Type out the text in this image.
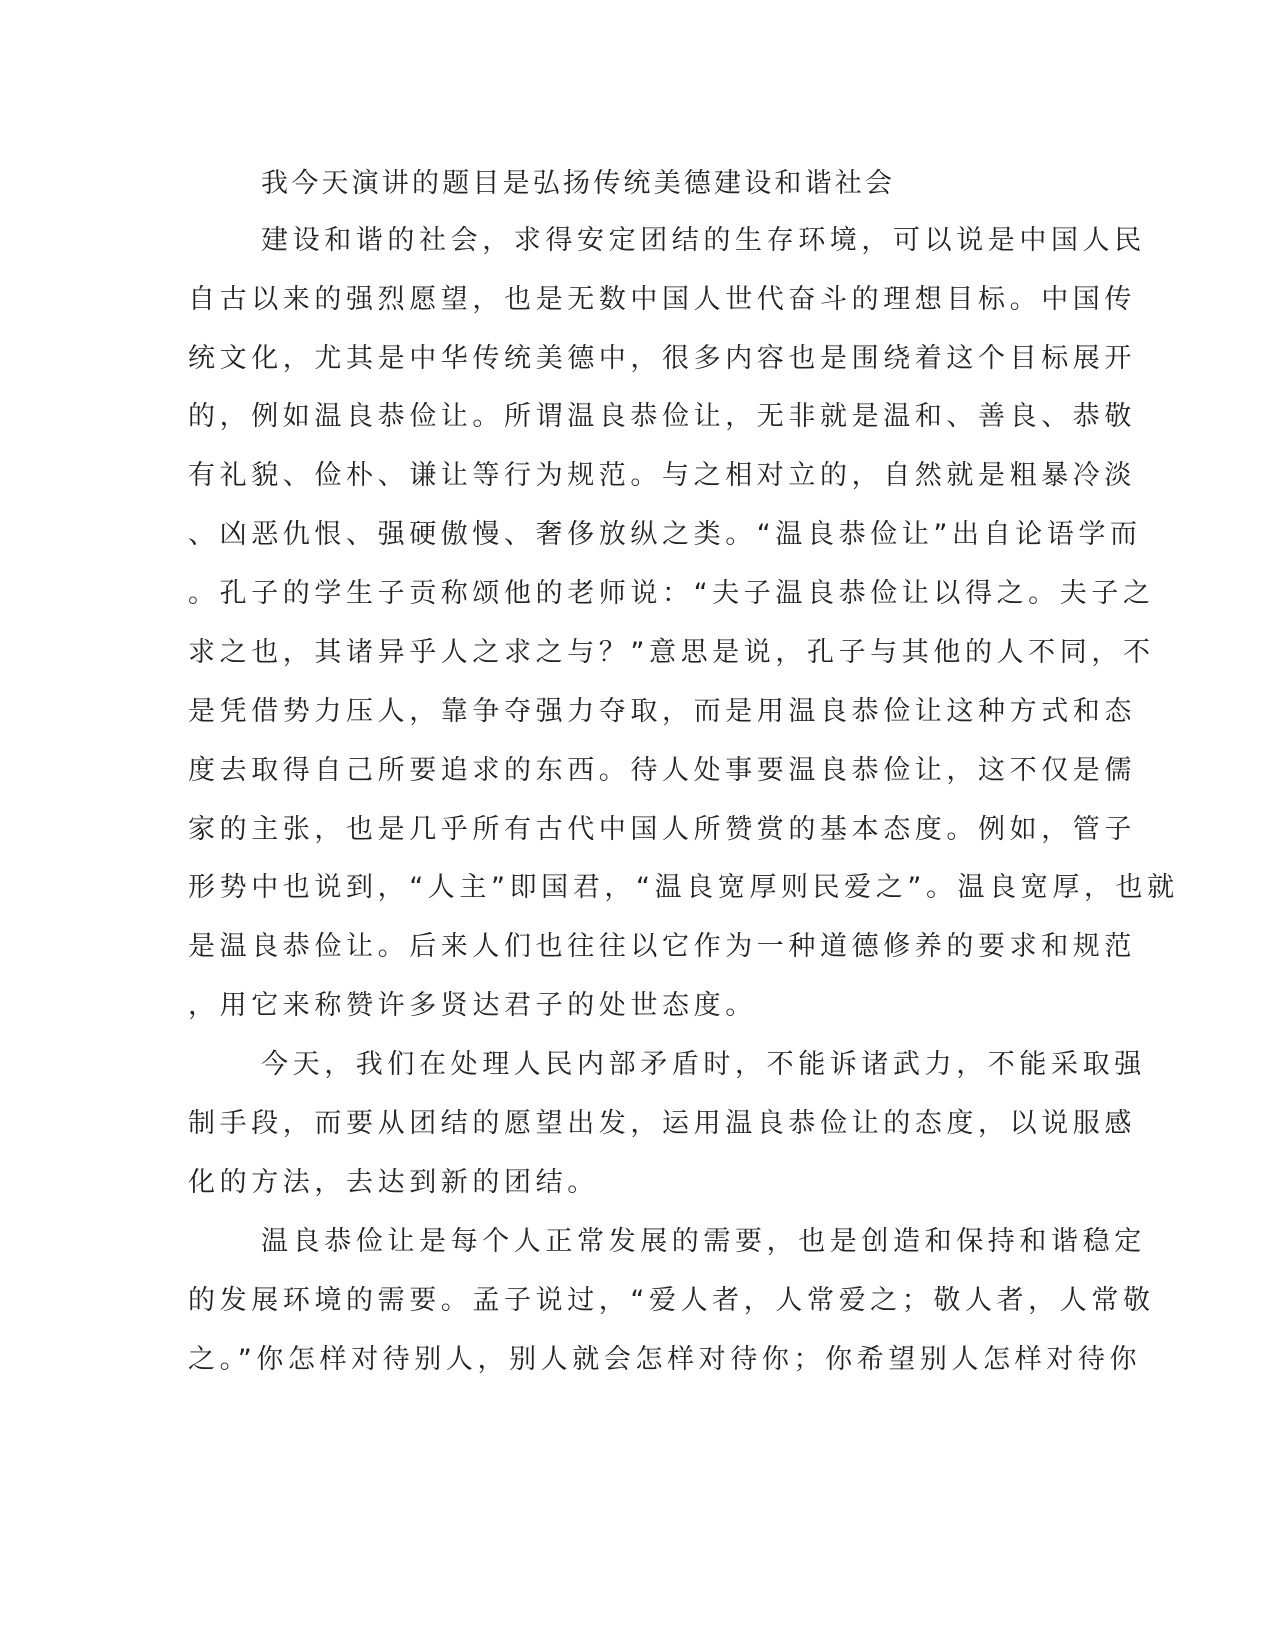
我今天演讲的题目是弘扬传统美德建设和谐社会

建设和谐的社会，求得安定团结的生存环境，可以说是中国人民

自古以来的强烈愿望，也是无数中国人世代奋斗的理想目标。中国传

统文化，尤其是中华传统美德中，很多内容也是围绕着这个目标展开

的，例如温良恭俭让。所谓温良恭俭让，无非就是温和、善良、恭敬

有礼貌、俭朴、谦让等行为规范。与之相对立的，自然就是粗暴冷淡

、凶恶仇恨、强硬傲慢、奢侈放纵之类。“温良恭俭让”出自论语学而

。孔子的学生子贡称颂他的老师说：“夫子温良恭俭让以得之。夫子之

求之也，其诸异乎人之求之与？”意思是说，孔子与其他的人不同，不

是凭借势力压人，靠争夺强力夺取，而是用温良恭俭让这种方式和态

度去取得自己所要追求的东西。待人处事要温良恭俭让，这不仅是儒

家的主张，也是几乎所有古代中国人所赞赏的基本态度。例如，管子

形势中也说到，“人主”即国君，“温良宽厚则民爱之”。温良宽厚，也就

是温良恭俭让。后来人们也往往以它作为一种道德修养的要求和规范

，用它来称赞许多贤达君子的处世态度。

今天，我们在处理人民内部矛盾时，不能诉诸武力，不能采取强

制手段，而要从团结的愿望出发，运用温良恭俭让的态度，以说服感

化的方法，去达到新的团结。

温良恭俭让是每个人正常发展的需要，也是创造和保持和谐稳定

的发展环境的需要。孟子说过，“爱人者，人常爱之；敬人者，人常敬

之。”你怎样对待别人，别人就会怎样对待你；你希望别人怎样对待你
